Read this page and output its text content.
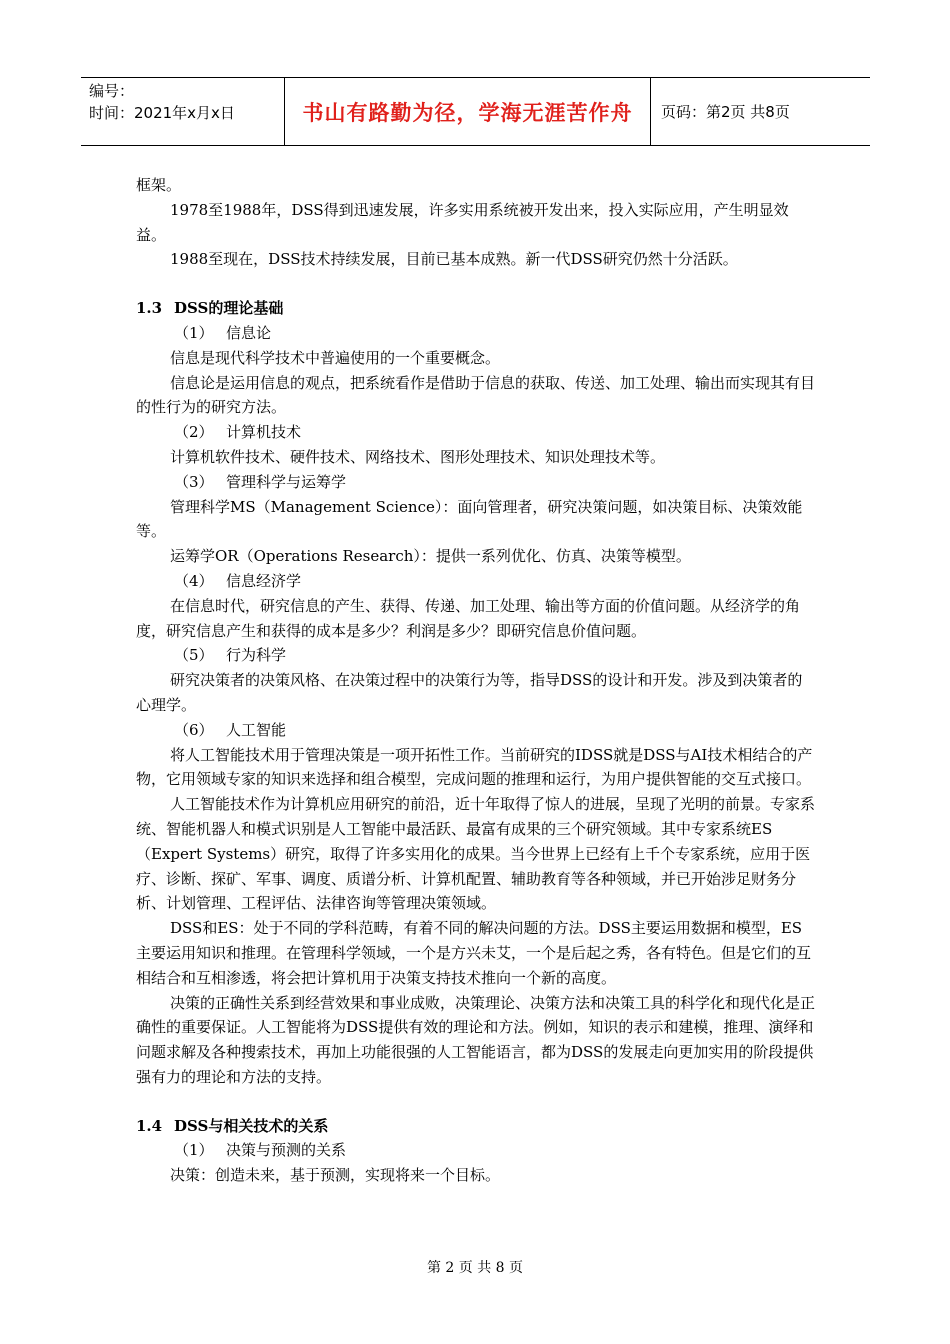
编号：
时间：2021年x月x日	书山有路勤为径，学海无涯苦作舟 页码：第2页 共8页

框架。

1978至1988年，DSS得到迅速发展，许多实用系统被开发出来，投入实际应用，产生明显效益。

1988至现在，DSS技术持续发展，目前已基本成熟。新一代DSS研究仍然十分活跃。

1.3 DSS的理论基础

（1） 信息论

信息是现代科学技术中普遍使用的一个重要概念。

信息论是运用信息的观点，把系统看作是借助于信息的获取、传送、加工处理、输出而实现其有目的性行为的研究方法。

（2） 计算机技术

计算机软件技术、硬件技术、网络技术、图形处理技术、知识处理技术等。

（3） 管理科学与运筹学

管理科学MS（Management Science）：面向管理者，研究决策问题，如决策目标、决策效能等。

运筹学OR（Operations Research）：提供一系列优化、仿真、决策等模型。

（4） 信息经济学

在信息时代，研究信息的产生、获得、传递、加工处理、输出等方面的价值问题。从经济学的角度，研究信息产生和获得的成本是多少？利润是多少？即研究信息价值问题。

（5） 行为科学

研究决策者的决策风格、在决策过程中的决策行为等，指导DSS的设计和开发。涉及到决策者的心理学。

（6） 人工智能

将人工智能技术用于管理决策是一项开拓性工作。当前研究的IDSS就是DSS与AI技术相结合的产物，它用领域专家的知识来选择和组合模型，完成问题的推理和运行，为用户提供智能的交互式接口。

人工智能技术作为计算机应用研究的前沿，近十年取得了惊人的进展，呈现了光明的前景。专家系统、智能机器人和模式识别是人工智能中最活跃、最富有成果的三个研究领域。其中专家系统ES（Expert Systems）研究，取得了许多实用化的成果。当今世界上已经有上千个专家系统，应用于医疗、诊断、探矿、军事、调度、质谱分析、计算机配置、辅助教育等各种领域，并已开始涉足财务分析、计划管理、工程评估、法律咨询等管理决策领域。

DSS和ES：处于不同的学科范畴，有着不同的解决问题的方法。DSS主要运用数据和模型，ES主要运用知识和推理。在管理科学领域，一个是方兴未艾，一个是后起之秀，各有特色。但是它们的互相结合和互相渗透，将会把计算机用于决策支持技术推向一个新的高度。

决策的正确性关系到经营效果和事业成败，决策理论、决策方法和决策工具的科学化和现代化是正确性的重要保证。人工智能将为DSS提供有效的理论和方法。例如，知识的表示和建模，推理、演绎和问题求解及各种搜索技术，再加上功能很强的人工智能语言，都为DSS的发展走向更加实用的阶段提供强有力的理论和方法的支持。

1.4 DSS与相关技术的关系

（1） 决策与预测的关系

决策：创造未来，基于预测，实现将来一个目标。

第 2 页 共 8 页
